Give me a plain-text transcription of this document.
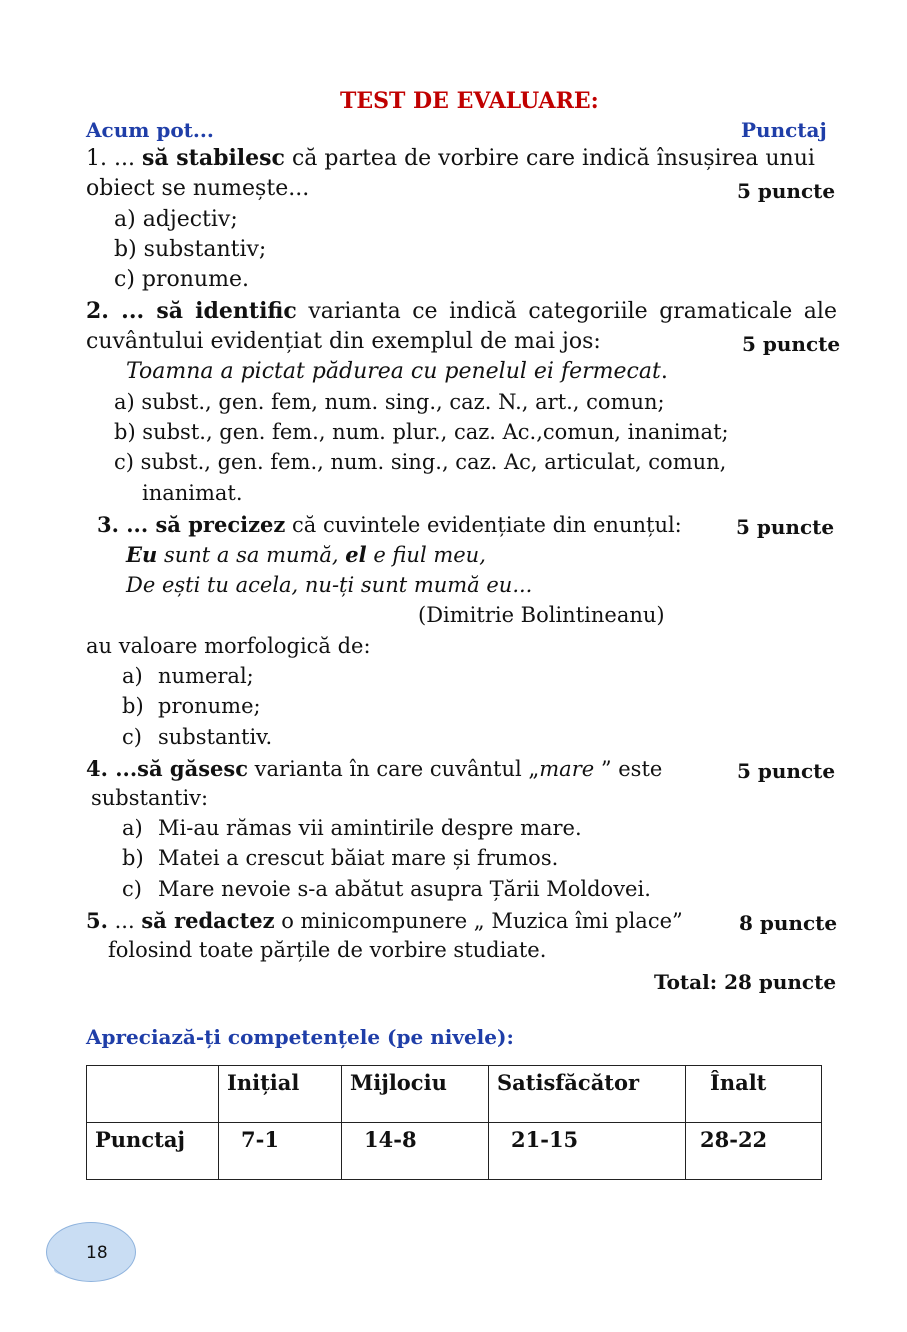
TEST DE EVALUARE:
Acum pot...	Punctaj
1. ... să stabilesc că partea de vorbire care indică însușirea unui
obiect se numește...	5 puncte
a) adjectiv;
b) substantiv;
c) pronume.
2. ... să identific varianta ce indică categoriile gramaticale ale
cuvântului evidențiat din exemplul de mai jos:	5 puncte
Toamna a pictat pădurea cu penelul ei fermecat.
a) subst., gen. fem, num. sing., caz. N., art., comun;
b) subst., gen. fem., num. plur., caz. Ac.,comun, inanimat;
c) subst., gen. fem., num. sing., caz. Ac, articulat, comun,
inanimat.
3. ... să precizez că cuvintele evidențiate din enunțul:	5 puncte
Eu sunt a sa mumă, el e fiul meu,
De ești tu acela, nu-ți sunt mumă eu...
(Dimitrie Bolintineanu)
au valoare morfologică de:
a) numeral;
b) pronume;
c) substantiv.
4. ...să găsesc varianta în care cuvântul „mare ” este	5 puncte
substantiv:
a) Mi-au rămas vii amintirile despre mare.
b) Matei a crescut băiat mare și frumos.
c) Mare nevoie s-a abătut asupra Țării Moldovei.
5. ... să redactez o minicompunere „ Muzica îmi place”	8 puncte
folosind toate părțile de vorbire studiate.
Total: 28 puncte
Apreciază-ți competențele (pe nivele):
	Inițial	Mijlociu	Satisfăcător	Înalt
Punctaj	7-1	14-8	21-15	28-22
18
